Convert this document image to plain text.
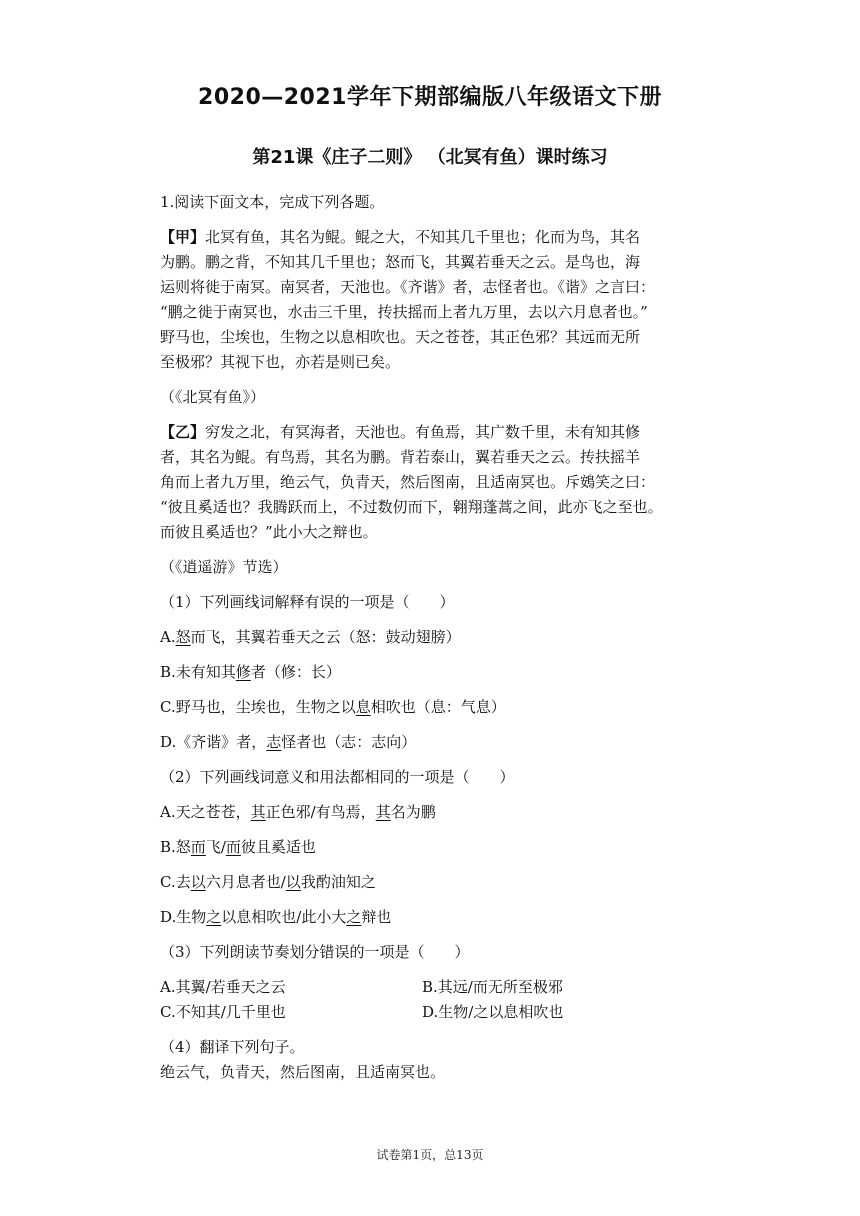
2020—2021学年下期部编版八年级语文下册
第21课《庄子二则》 （北冥有鱼）课时练习
1.阅读下面文本，完成下列各题。
【甲】北冥有鱼，其名为鲲。鲲之大，不知其几千里也；化而为鸟，其名
为鹏。鹏之背，不知其几千里也；怒而飞，其翼若垂天之云。是鸟也，海
运则将徙于南冥。南冥者，天池也。《齐谐》者，志怪者也。《谐》之言曰：
“鹏之徙于南冥也，水击三千里，抟扶摇而上者九万里，去以六月息者也。”
野马也，尘埃也，生物之以息相吹也。天之苍苍，其正色邪？其远而无所
至极邪？其视下也，亦若是则已矣。
（《北冥有鱼》）
【乙】穷发之北，有冥海者，天池也。有鱼焉，其广数千里，未有知其修
者，其名为鲲。有鸟焉，其名为鹏。背若泰山，翼若垂天之云。抟扶摇羊
角而上者九万里，绝云气，负青天，然后图南，且适南冥也。斥鴳笑之曰：
“彼且奚适也？我腾跃而上，不过数仞而下，翱翔蓬蒿之间，此亦飞之至也。
而彼且奚适也？”此小大之辩也。
（《逍遥游》节选）
（1）下列画线词解释有误的一项是（　　）
A.怒而飞，其翼若垂天之云（怒：鼓动翅膀）
B.未有知其修者（修：长）
C.野马也，尘埃也，生物之以息相吹也（息：气息）
D.《齐谐》者，志怪者也（志：志向）
（2）下列画线词意义和用法都相同的一项是（　　）
A.天之苍苍，其正色邪/有鸟焉，其名为鹏
B.怒而飞/而彼且奚适也
C.去以六月息者也/以我酌油知之
D.生物之以息相吹也/此小大之辩也
（3）下列朗读节奏划分错误的一项是（　　）
A.其翼/若垂天之云	B.其远/而无所至极邪
C.不知其/几千里也	D.生物/之以息相吹也
（4）翻译下列句子。
绝云气，负青天，然后图南，且适南冥也。
试卷第1页，总13页
